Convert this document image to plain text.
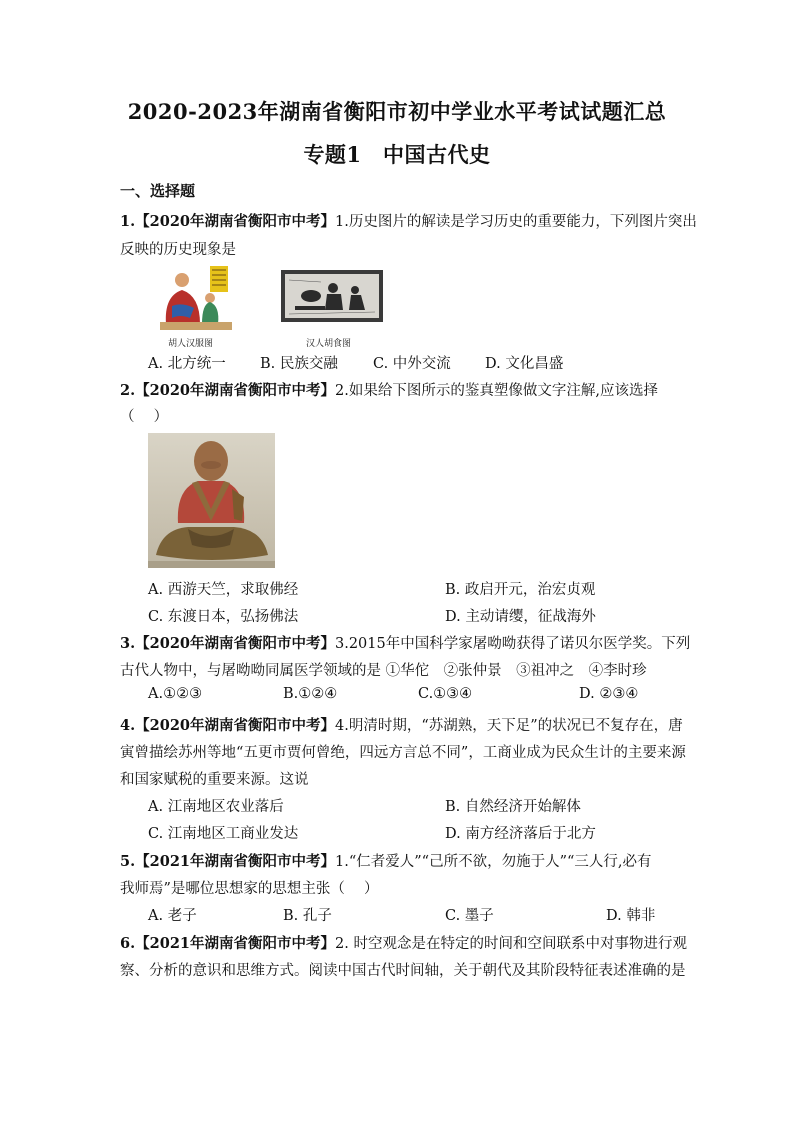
2020-2023年湖南省衡阳市初中学业水平考试试题汇总
专题1　中国古代史
一、选择题
1.【2020年湖南省衡阳市中考】1.历史图片的解读是学习历史的重要能力，下列图片突出
反映的历史现象是
胡人汉服图	汉人胡食图
A. 北方统一 B. 民族交融 C. 中外交流 D. 文化昌盛
2.【2020年湖南省衡阳市中考】2.如果给下图所示的鉴真塑像做文字注解,应该选择
（　 ）
A. 西游天竺，求取佛经	B. 政启开元，治宏贞观
C. 东渡日本，弘扬佛法	D. 主动请缨，征战海外
3.【2020年湖南省衡阳市中考】3.2015年中国科学家屠呦呦获得了诺贝尔医学奖。下列
古代人物中，与屠呦呦同属医学领域的是 ①华佗　②张仲景　③祖冲之　④李时珍
A.①②③	B.①②④	C.①③④	D. ②③④
4.【2020年湖南省衡阳市中考】4.明清时期，“苏湖熟，天下足”的状况已不复存在，唐
寅曾描绘苏州等地“五更市贾何曾绝，四远方言总不同”，工商业成为民众生计的主要来源
和国家赋税的重要来源。这说
A. 江南地区农业落后	B. 自然经济开始解体
C. 江南地区工商业发达	D. 南方经济落后于北方
5.【2021年湖南省衡阳市中考】1.“仁者爱人”“己所不欲，勿施于人”“三人行,必有
我师焉”是哪位思想家的思想主张（　 ）
A. 老子	B. 孔子	C. 墨子	D. 韩非
6.【2021年湖南省衡阳市中考】2. 时空观念是在特定的时间和空间联系中对事物进行观
察、分析的意识和思维方式。阅读中国古代时间轴，关于朝代及其阶段特征表述准确的是
